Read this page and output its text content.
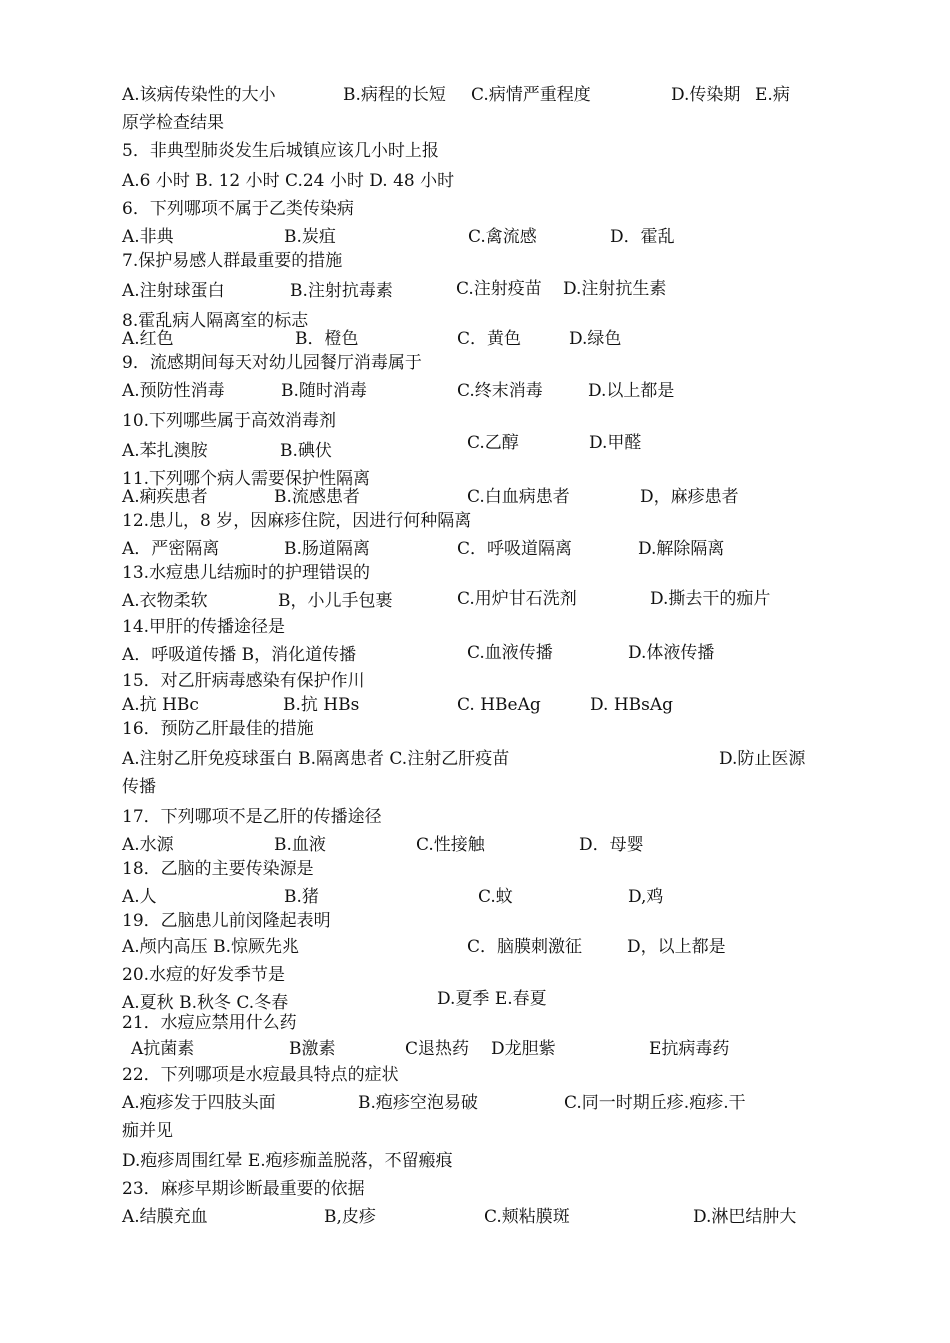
A.该病传染性的大小	B.病程的长短 C.病情严重程度	D.传染期 E.病
原学检查结果
5．非典型肺炎发生后城镇应该几小时上报
A.6 小时 B. 12 小时 C.24 小时 D. 48 小时
6．下列哪项不属于乙类传染病
A.非典	B.炭疽	C.禽流感	D．霍乱
7.保护易感人群最重要的措施
A.注射球蛋白	B.注射抗毒素	C.注射疫苗 D.注射抗生素
8.霍乱病人隔离室的标志
A.红色	B．橙色	C．黄色	D.绿色
9．流感期间每天对幼儿园餐厅消毒属于
A.预防性消毒	B.随时消毒	C.终末消毒	D.以上都是
10.下列哪些属于高效消毒剂
A.苯扎澳胺	B.碘伏	C.乙醇	D.甲醛
11.下列哪个病人需要保护性隔离
A.痢疾患者	B.流感患者	C.白血病患者	D，麻疹患者
12.患儿，8 岁，因麻疹住院，因进行何种隔离
A．严密隔离	B.肠道隔离	C．呼吸道隔离	D.解除隔离
13.水痘患儿结痂时的护理错误的
A.衣物柔软	B，小儿手包裹	C.用炉甘石洗剂	D.撕去干的痂片
14.甲肝的传播途径是
A．呼吸道传播 B，消化道传播	C.血液传播	D.体液传播
15．对乙肝病毒感染有保护作川
A.抗 HBc	B.抗 HBs	C. HBeAg	D. HBsAg
16．预防乙肝最佳的措施
A.注射乙肝免疫球蛋白 B.隔离患者 C.注射乙肝疫苗	D.防止医源
传播
17．下列哪项不是乙肝的传播途径
A.水源	B.血液	C.性接触	D．母婴
18．乙脑的主要传染源是
A.人	B.猪	C.蚊	D,鸡
19．乙脑患儿前闵隆起表明
A.颅内高压 B.惊厥先兆	C．脑膜刺激征	D，以上都是
20.水痘的好发季节是
A.夏秋 B.秋冬 C.冬春	D.夏季 E.春夏
21．水痘应禁用什么药
A抗菌素	B激素	C退热药 D龙胆紫	E抗病毒药
22．下列哪项是水痘最具特点的症状
A.疱疹发于四肢头面	B.疱疹空泡易破	C.同一时期丘疹.疱疹.干
痂并见
D.疱疹周围红晕 E.疱疹痂盖脱落，不留瘢痕
23．麻疹早期诊断最重要的依据
A.结膜充血	B,皮疹	C.颊粘膜斑	D.淋巴结肿大
